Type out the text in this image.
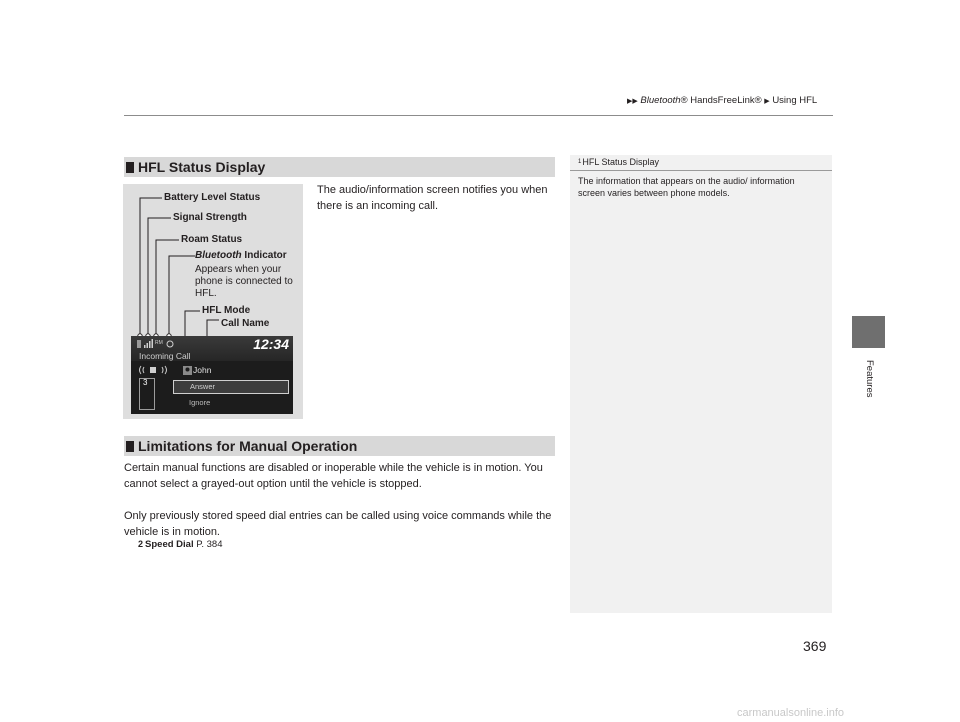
▶▶ Bluetooth® HandsFreeLink® ▶ Using HFL
Features
HFL Status Display
The audio/information screen notifies you when there is an incoming call.
Battery Level Status
Signal Strength
Roam Status
Bluetooth Indicator
Appears when your phone is connected to HFL.
HFL Mode
Call Name
RM	12:34
Incoming Call
John
3	Answer
Ignore
Limitations for Manual Operation
Certain manual functions are disabled or inoperable while the vehicle is in motion. You cannot select a grayed-out option until the vehicle is stopped.
Only previously stored speed dial entries can be called using voice commands while the vehicle is in motion.
2 Speed Dial P. 384
$^1$HFL Status Display
The information that appears on the audio/ information screen varies between phone models.
369
carmanualsonline.info
